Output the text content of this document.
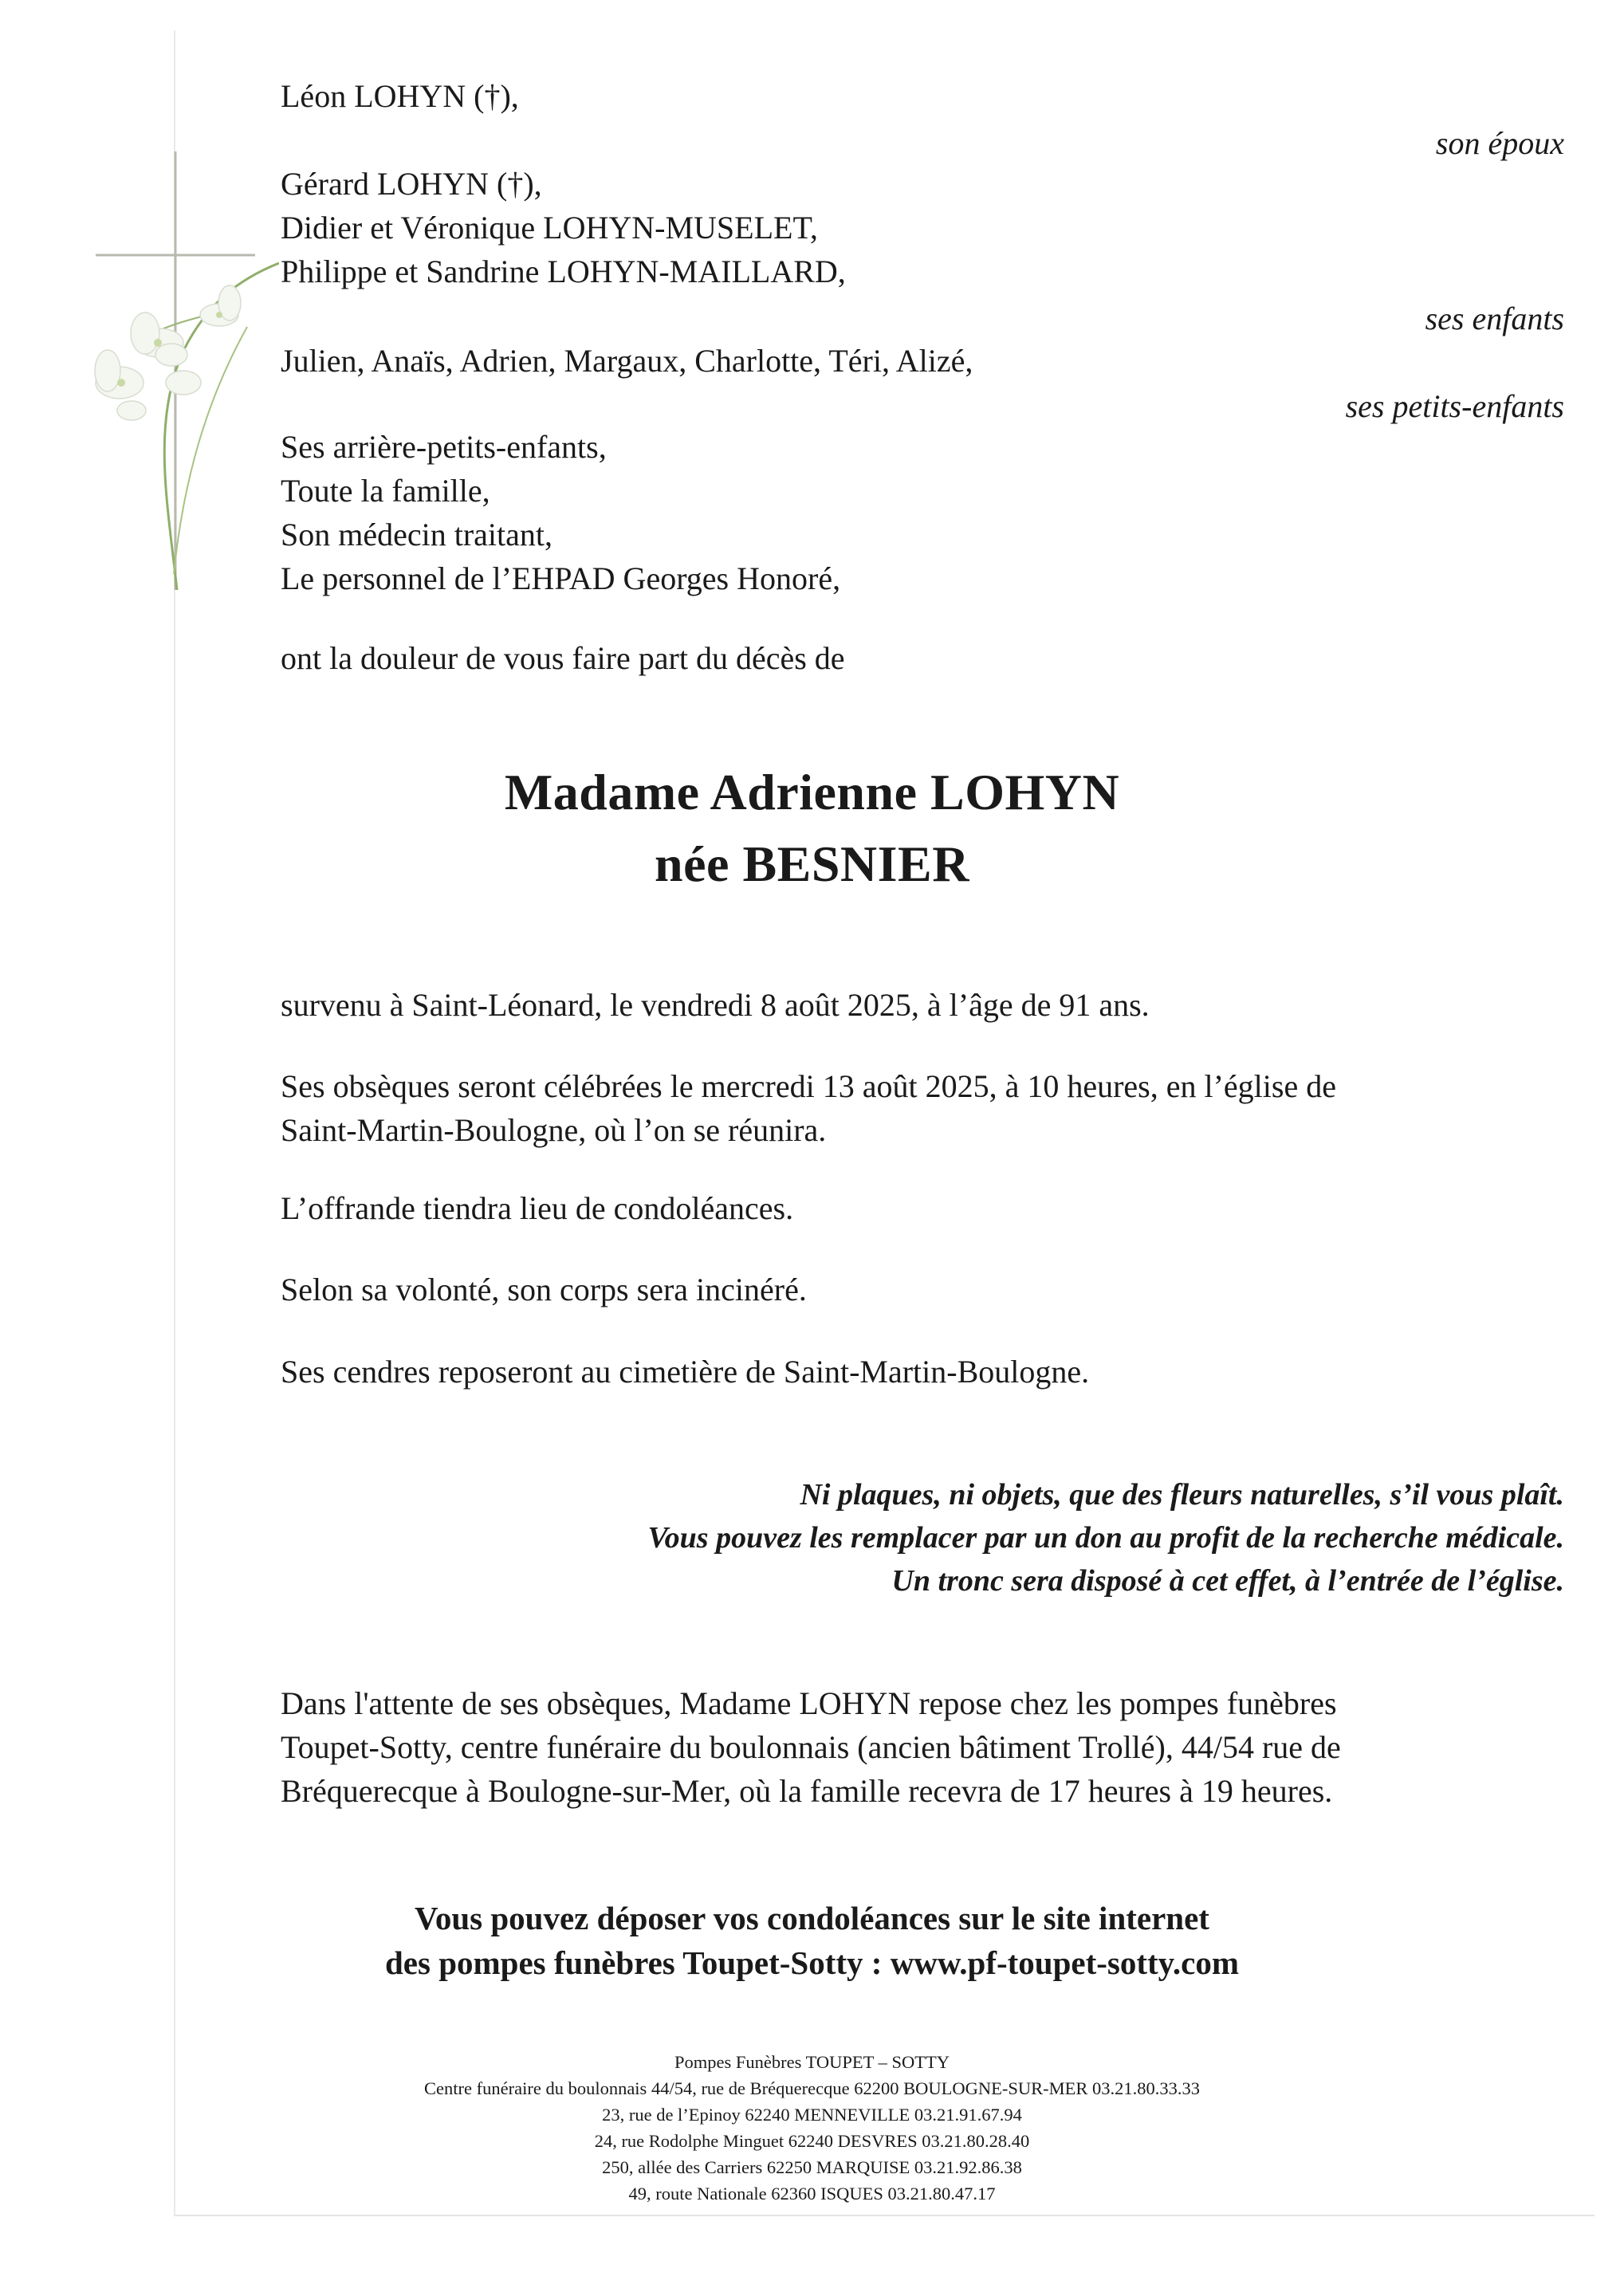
Léon LOHYN (†),
son époux
Gérard LOHYN (†),
Didier et Véronique LOHYN-MUSELET,
Philippe et Sandrine LOHYN-MAILLARD,
ses enfants
Julien, Anaïs, Adrien, Margaux, Charlotte, Téri, Alizé,
ses petits-enfants
Ses arrière-petits-enfants,
Toute la famille,
Son médecin traitant,
Le personnel de l’EHPAD Georges Honoré,
ont la douleur de vous faire part du décès de
Madame Adrienne LOHYN
née BESNIER
survenu à Saint-Léonard, le vendredi 8 août 2025, à l’âge de 91 ans.
Ses obsèques seront célébrées le mercredi 13 août 2025, à 10 heures, en l’église de
Saint-Martin-Boulogne, où l’on se réunira.
L’offrande tiendra lieu de condoléances.
Selon sa volonté, son corps sera incinéré.
Ses cendres reposeront au cimetière de Saint-Martin-Boulogne.
Ni plaques, ni objets, que des fleurs naturelles, s’il vous plaît.
Vous pouvez les remplacer par un don au profit de la recherche médicale.
Un tronc sera disposé à cet effet, à l’entrée de l’église.
Dans l'attente de ses obsèques, Madame LOHYN repose chez les pompes funèbres
Toupet-Sotty, centre funéraire du boulonnais (ancien bâtiment Trollé), 44/54 rue de
Bréquerecque à Boulogne-sur-Mer, où la famille recevra de 17 heures à 19 heures.
Vous pouvez déposer vos condoléances sur le site internet
des pompes funèbres Toupet-Sotty : www.pf-toupet-sotty.com
Pompes Funèbres TOUPET – SOTTY
Centre funéraire du boulonnais 44/54, rue de Bréquerecque 62200 BOULOGNE-SUR-MER 03.21.80.33.33
23, rue de l’Epinoy 62240 MENNEVILLE 03.21.91.67.94
24, rue Rodolphe Minguet 62240 DESVRES 03.21.80.28.40
250, allée des Carriers 62250 MARQUISE 03.21.92.86.38
49, route Nationale 62360 ISQUES 03.21.80.47.17
